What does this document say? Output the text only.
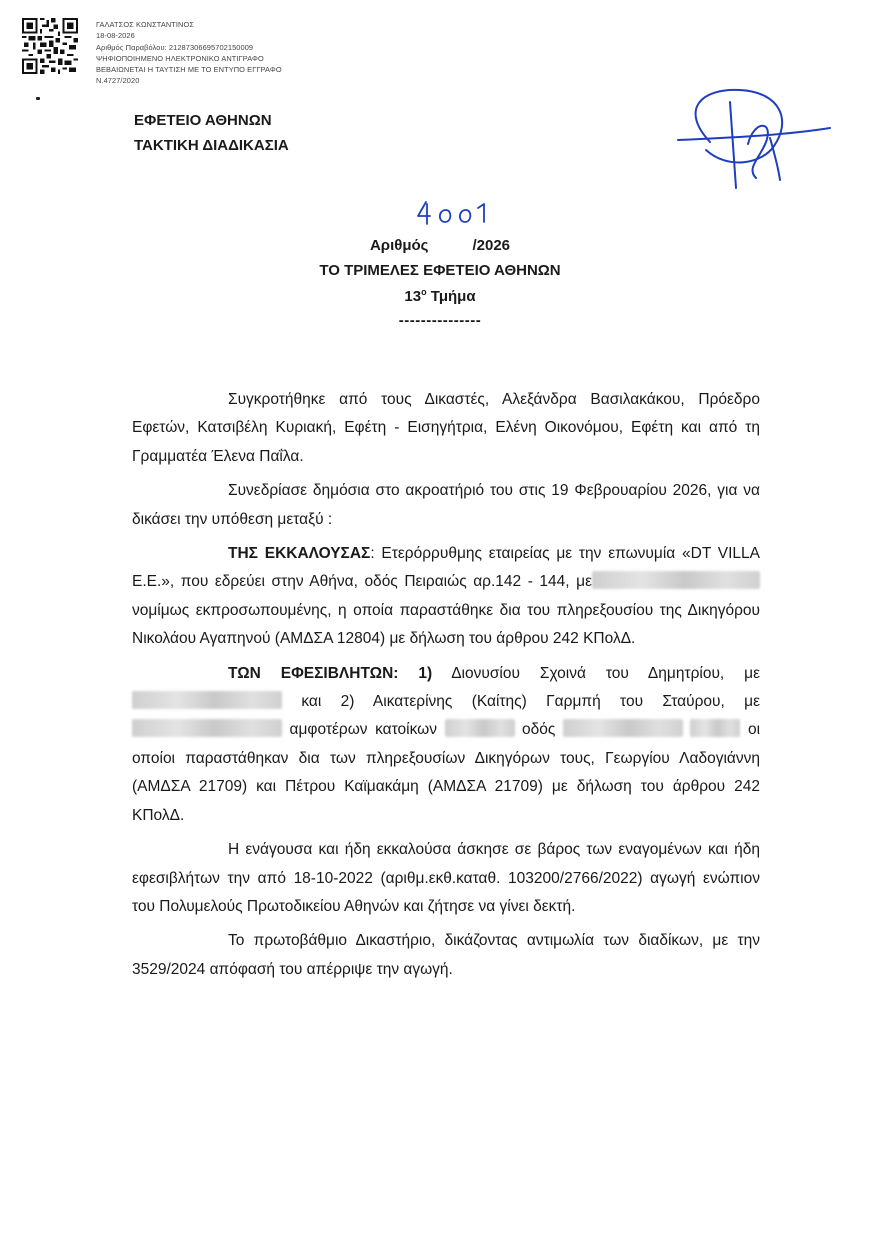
ΓΑΛΑΤΣΟΣ ΚΩΝΣΤΑΝΤΙΝΟΣ
18-08-2026
Αριθμός Παραβόλου: 21287306695702150009
ΨΗΦΙΟΠΟΙΗΜΕΝΟ ΗΛΕΚΤΡΟΝΙΚΟ ΑΝΤΙΓΡΑΦΟ
ΒΕΒΑΙΩΝΕΤΑΙ Η ΤΑΥΤΙΣΗ ΜΕ ΤΟ ΕΝΤΥΠΟ ΕΓΓΡΑΦΟ
Ν.4727/2020
ΕΦΕΤΕΙΟ ΑΘΗΝΩΝ
ΤΑΚΤΙΚΗ ΔΙΑΔΙΚΑΣΙΑ
Αριθμός	/2026
ΤΟ ΤΡΙΜΕΛΕΣ ΕΦΕΤΕΙΟ ΑΘΗΝΩΝ
$13^o$ Τμήμα
---------------

Συγκροτήθηκε από τους Δικαστές, Αλεξάνδρα Βασιλακάκου, Πρόεδρο Εφετών, Κατσιβέλη Κυριακή, Εφέτη - Εισηγήτρια, Ελένη Οικονόμου, Εφέτη και από τη Γραμματέα Έλενα Παΐλα.

Συνεδρίασε δημόσια στο ακροατήριό του στις 19 Φεβρουαρίου 2026, για να δικάσει την υπόθεση μεταξύ :

ΤΗΣ ΕΚΚΑΛΟΥΣΑΣ: Ετερόρρυθμης εταιρείας με την επωνυμία «DT VILLA E.E.», που εδρεύει στην Αθήνα, οδός Πειραιώς αρ.142 - 144, μενομίμως εκπροσωπουμένης, η οποία παραστάθηκε δια του πληρεξουσίου της Δικηγόρου Νικολάου Αγαπηνού (ΑΜΔΣΑ 12804) με δήλωση του άρθρου 242 ΚΠολΔ.

ΤΩΝ ΕΦΕΣΙΒΛΗΤΩΝ: 1) Διονυσίου Σχοινά του Δημητρίου, με  και 2) Αικατερίνης (Καίτης) Γαρμπή του Σταύρου, με  αμφοτέρων κατοίκων	οδός	οι οποίοι παραστάθηκαν δια των πληρεξουσίων Δικηγόρων τους, Γεωργίου Λαδογιάννη (ΑΜΔΣΑ 21709) και Πέτρου Καϊμακάμη (ΑΜΔΣΑ 21709) με δήλωση του άρθρου 242 ΚΠολΔ.

Η ενάγουσα και ήδη εκκαλούσα άσκησε σε βάρος των εναγομένων και ήδη εφεσιβλήτων την από 18-10-2022 (αριθμ.εκθ.καταθ. 103200/2766/2022) αγωγή ενώπιον του Πολυμελούς Πρωτοδικείου Αθηνών και ζήτησε να γίνει δεκτή.

Το πρωτοβάθμιο Δικαστήριο, δικάζοντας αντιμωλία των διαδίκων, με την 3529/2024 απόφασή του απέρριψε την αγωγή.
